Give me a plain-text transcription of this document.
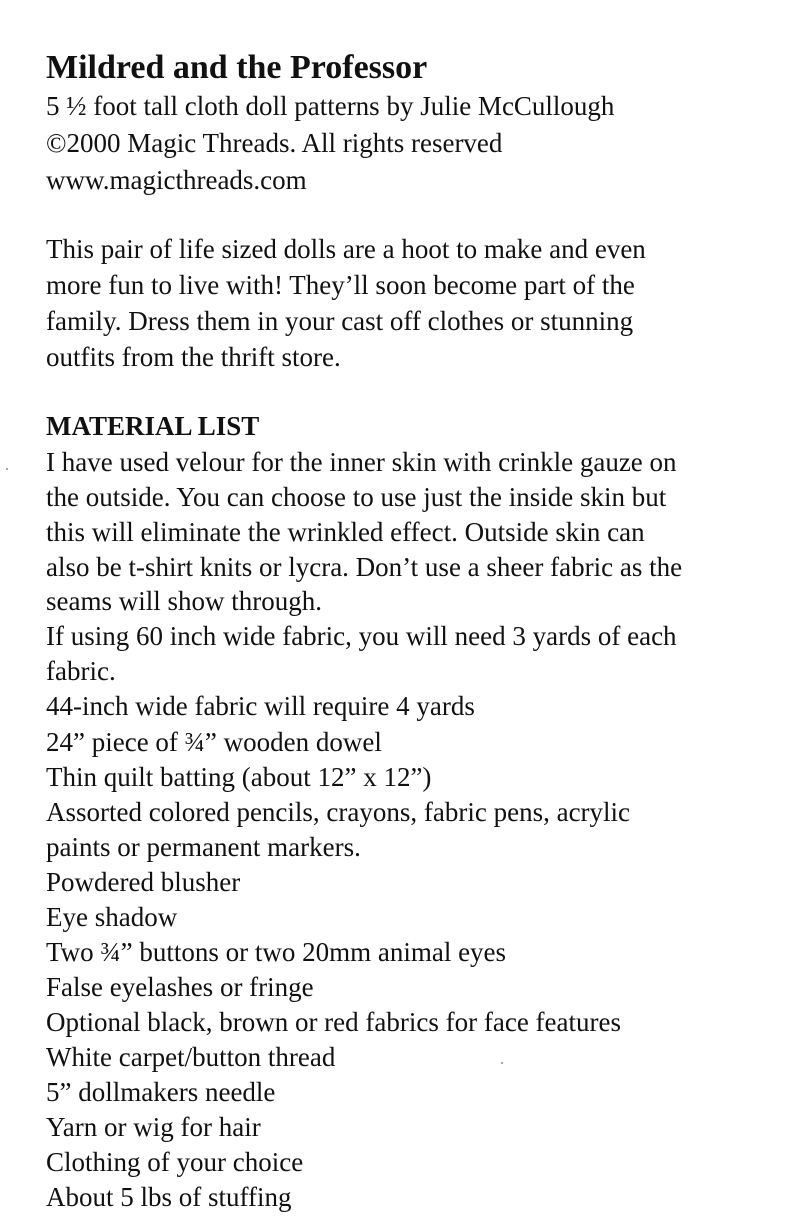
Mildred and the Professor

5 ½ foot tall cloth doll patterns by Julie McCullough

©2000 Magic Threads. All rights reserved

www.magicthreads.com

This pair of life sized dolls are a hoot to make and even

more fun to live with! They’ll soon become part of the

family. Dress them in your cast off clothes or stunning

outfits from the thrift store.

MATERIAL LIST

I have used velour for the inner skin with crinkle gauze on

the outside. You can choose to use just the inside skin but

this will eliminate the wrinkled effect. Outside skin can

also be t-shirt knits or lycra. Don’t use a sheer fabric as the

seams will show through.

If using 60 inch wide fabric, you will need 3 yards of each

fabric.

44-inch wide fabric will require 4 yards

24” piece of ¾” wooden dowel

Thin quilt batting (about 12” x 12”)

Assorted colored pencils, crayons, fabric pens, acrylic

paints or permanent markers.

Powdered blusher

Eye shadow

Two ¾” buttons or two 20mm animal eyes

False eyelashes or fringe

Optional black, brown or red fabrics for face features

White carpet/button thread

5” dollmakers needle

Yarn or wig for hair

Clothing of your choice

About 5 lbs of stuffing
